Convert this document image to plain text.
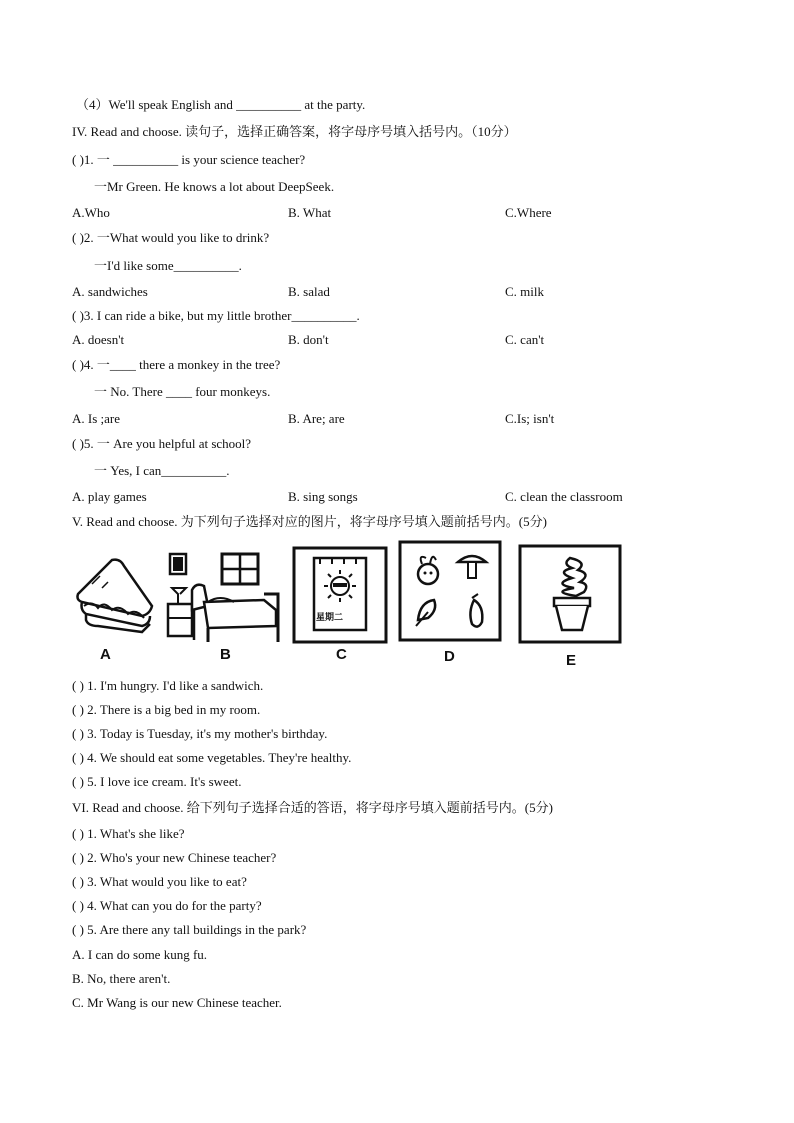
（4）We'll speak English and __________ at the party.
IV. Read and choose. 读句子，选择正确答案，将字母序号填入括号内。（10分）
( )1. 一 __________ is your science teacher?
一Mr Green. He knows a lot about DeepSeek.
A.Who	B. What	C.Where
( )2. 一What would you like to drink?
一I'd like some__________.
A. sandwiches	B. salad	C. milk
( )3. I can ride a bike, but my little brother__________.
A. doesn't	B. don't	C. can't
( )4. 一____ there a monkey in the tree?
一 No. There ____ four monkeys.
A. Is ;are	B. Are; are	C.Is; isn't
( )5. 一 Are you helpful at school?
一 Yes, I can__________.
A. play games	B. sing songs	C. clean the classroom
V. Read and choose. 为下列句子选择对应的图片，将字母序号填入题前括号内。(5分)
A	B
星期二
C	D	E
( ) 1. I'm hungry. I'd like a sandwich.
( ) 2. There is a big bed in my room.
( ) 3. Today is Tuesday, it's my mother's birthday.
( ) 4. We should eat some vegetables. They're healthy.
( ) 5. I love ice cream. It's sweet.
VI. Read and choose. 给下列句子选择合适的答语，将字母序号填入题前括号内。(5分)
( ) 1. What's she like?
( ) 2. Who's your new Chinese teacher?
( ) 3. What would you like to eat?
( ) 4. What can you do for the party?
( ) 5. Are there any tall buildings in the park?
A. I can do some kung fu.
B. No, there aren't.
C. Mr Wang is our new Chinese teacher.
